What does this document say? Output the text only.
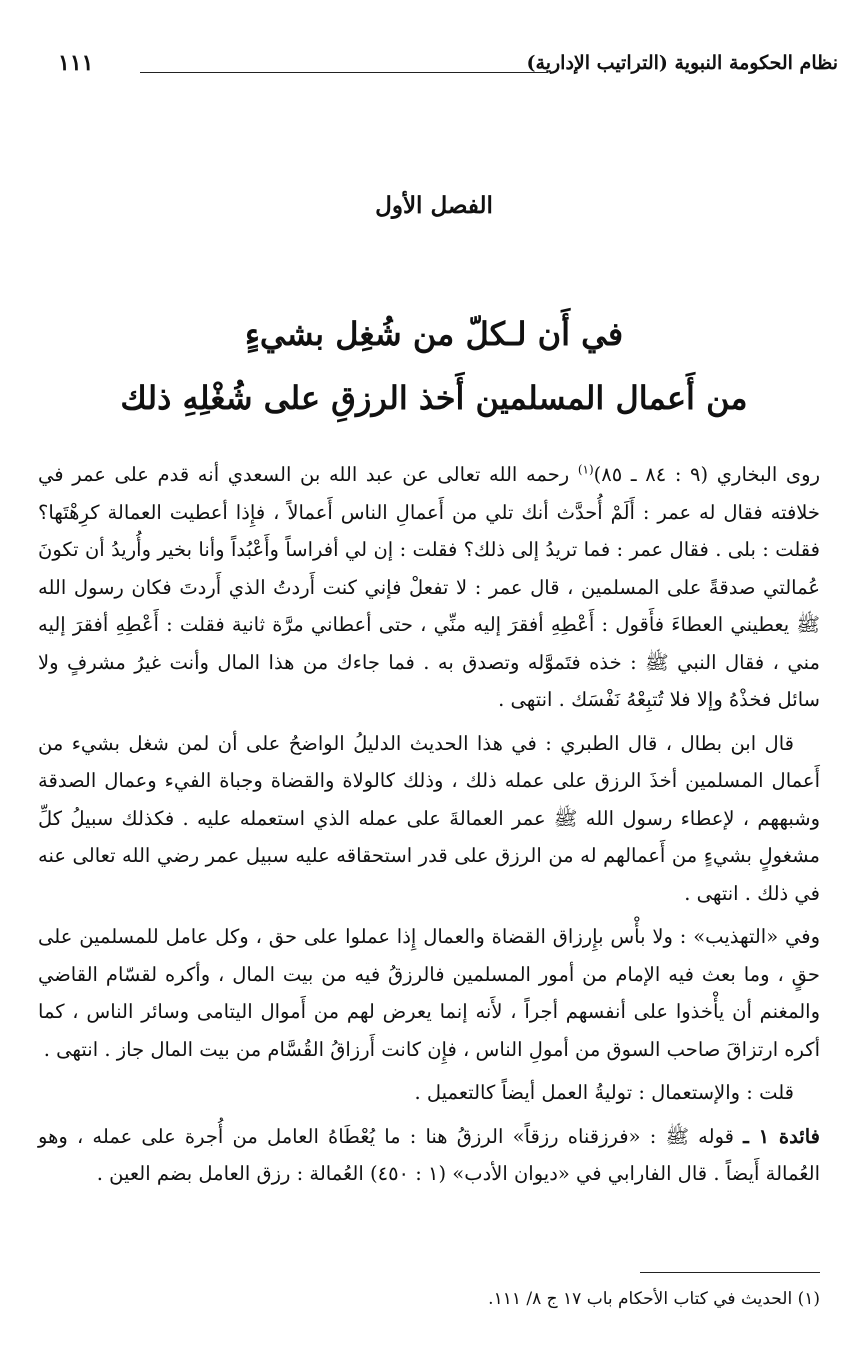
نظام الحكومة النبوية (التراتيب الإدارية)
١١١
الفصل الأول
في أَن لـكلّ من شُغِل بشيءٍ
من أَعمال المسلمين أَخذ الرزقِ على شُغْلِهِ ذلك

روى البخاري (٩ : ٨٤ ـ ٨٥)$^{(١)}$ رحمه الله تعالى عن عبد الله بن السعدي أنه قدم على عمر في خلافته فقال له عمر : أَلَمْ أُحدَّث أنك تلي من أَعمالِ الناس أَعمالاً ، فإِذا أعطيت العمالة كرِهْتَها؟ فقلت : بلى . فقال عمر : فما تريدُ إلى ذلك؟ فقلت : إن لي أفراساً وأَعْبُداً وأنا بخير وأُريدُ أن تكونَ عُمالتي صدقةً على المسلمين ، قال عمر : لا تفعلْ فإني كنت أَردتُ الذي أَردتَ فكان رسول الله ﷺ يعطيني العطاءَ فأَقول : أَعْطِهِ أفقرَ إليه منِّي ، حتى أعطاني مرَّة ثانية فقلت : أَعْطِهِ أفقرَ إليه مني ، فقال النبي ﷺ : خذه فتَموَّله وتصدق به . فما جاءك من هذا المال وأنت غيرُ مشرفٍ ولا سائل فخذْهُ وإلا فلا تُتبِعْهُ نَفْسَك . انتهى .

قال ابن بطال ، قال الطبري : في هذا الحديث الدليلُ الواضحُ على أن لمن شغل بشيء من أَعمال المسلمين أخذَ الرزق على عمله ذلك ، وذلك كالولاة والقضاة وجباة الفيء وعمال الصدقة وشبههم ، لإعطاء رسول الله ﷺ عمر العمالةَ على عمله الذي استعمله عليه . فكذلك سبيلُ كلِّ مشغولٍ بشيءٍ من أَعمالهم له من الرزق على قدر استحقاقه عليه سبيل عمر رضي الله تعالى عنه في ذلك . انتهى .

وفي «التهذيب» : ولا بأْس بإِرزاق القضاة والعمال إِذا عملوا على حق ، وكل عامل للمسلمين على حقٍ ، وما بعث فيه الإمام من أمور المسلمين فالرزقُ فيه من بيت المال ، وأكره لقسّام القاضي والمغنم أن يأْخذوا على أنفسهم أجراً ، لأَنه إنما يعرض لهم من أَموال اليتامى وسائر الناس ، كما أكره ارتزاقَ صاحب السوق من أمولِ الناس ، فإِن كانت أَرزاقُ القُسَّام من بيت المال جاز . انتهى .

قلت : والإستعمال : توليةُ العمل أيضاً كالتعميل .

فائدة ١ ـ قوله ﷺ : «فرزقناه رزقاً» الرزقُ هنا : ما يُعْطَاهُ العامل من أُجرة على عمله ، وهو العُمالة أَيضاً . قال الفارابي في «ديوان الأدب» (١ : ٤٥٠) العُمالة : رزق العامل بضم العين .

(١) الحديث في كتاب الأحكام باب ١٧ ج ٨/ ١١١.
